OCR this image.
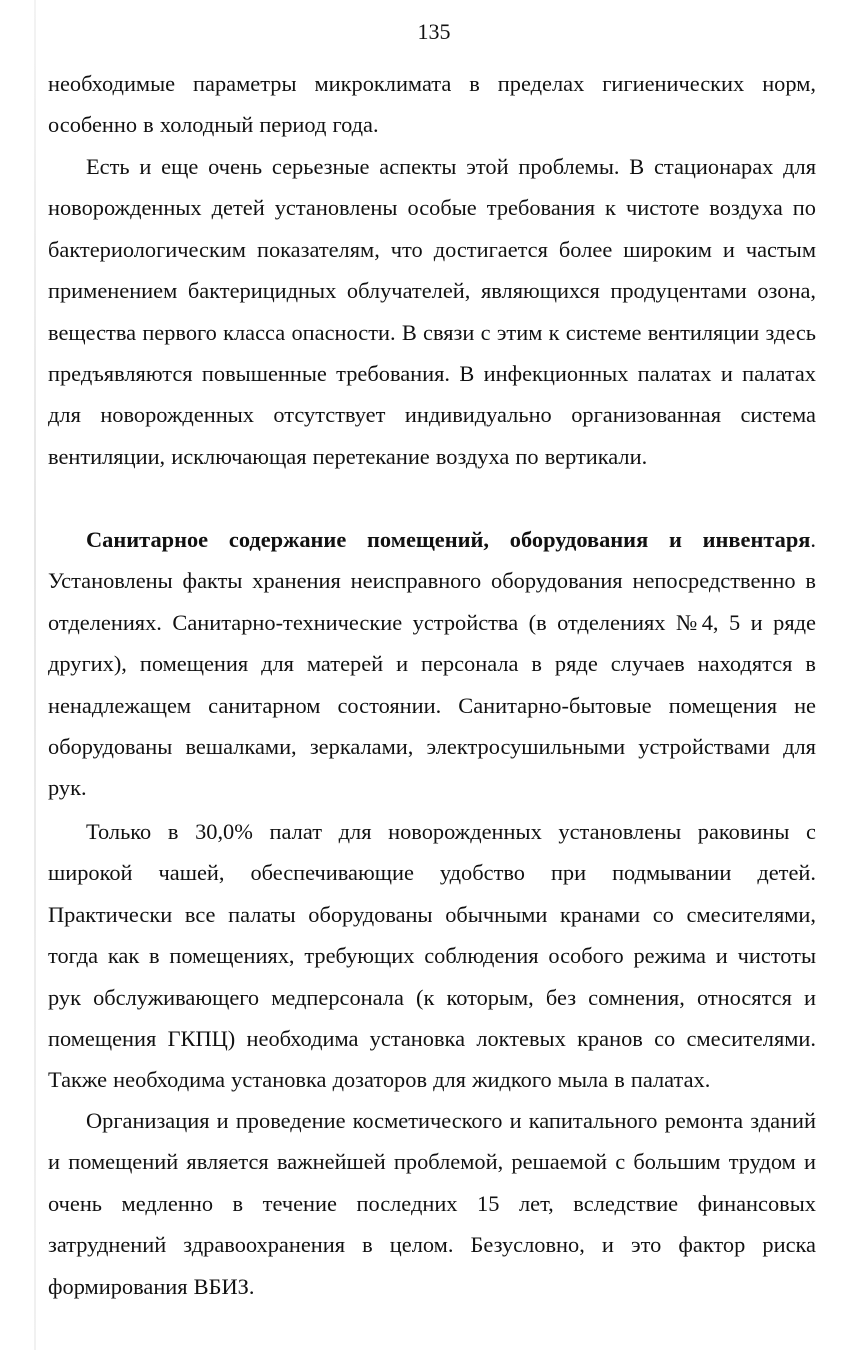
135

необходимые параметры микроклимата в пределах гигиенических норм, особенно в холодный период года.

Есть и еще очень серьезные аспекты этой проблемы. В стационарах для новорожденных детей установлены особые требования к чистоте воздуха по бактериологическим показателям, что достигается более широким и частым применением бактерицидных облучателей, являющихся продуцентами озона, вещества первого класса опасности. В связи с этим к системе вентиляции здесь предъявляются повышенные требования. В инфекционных палатах и палатах для новорожденных отсутствует индивидуально организованная система вентиляции, исключающая перетекание воздуха по вертикали.

Санитарное содержание помещений, оборудования и инвентаря. Установлены факты хранения неисправного оборудования непосредственно в отделениях. Санитарно-технические устройства (в отделениях №4, 5 и ряде других), помещения для матерей и персонала в ряде случаев находятся в ненадлежащем санитарном состоянии. Санитарно-бытовые помещения не оборудованы вешалками, зеркалами, электросушильными устройствами для рук.

Только в 30,0% палат для новорожденных установлены раковины с широкой чашей, обеспечивающие удобство при подмывании детей. Практически все палаты оборудованы обычными кранами со смесителями, тогда как в помещениях, требующих соблюдения особого режима и чистоты рук обслуживающего медперсонала (к которым, без сомнения, относятся и помещения ГКПЦ) необходима установка локтевых кранов со смесителями. Также необходима установка дозаторов для жидкого мыла в палатах.

Организация и проведение косметического и капитального ремонта зданий и помещений является важнейшей проблемой, решаемой с большим трудом и очень медленно в течение последних 15 лет, вследствие финансовых затруднений здравоохранения в целом. Безусловно, и это фактор риска формирования ВБИЗ.
